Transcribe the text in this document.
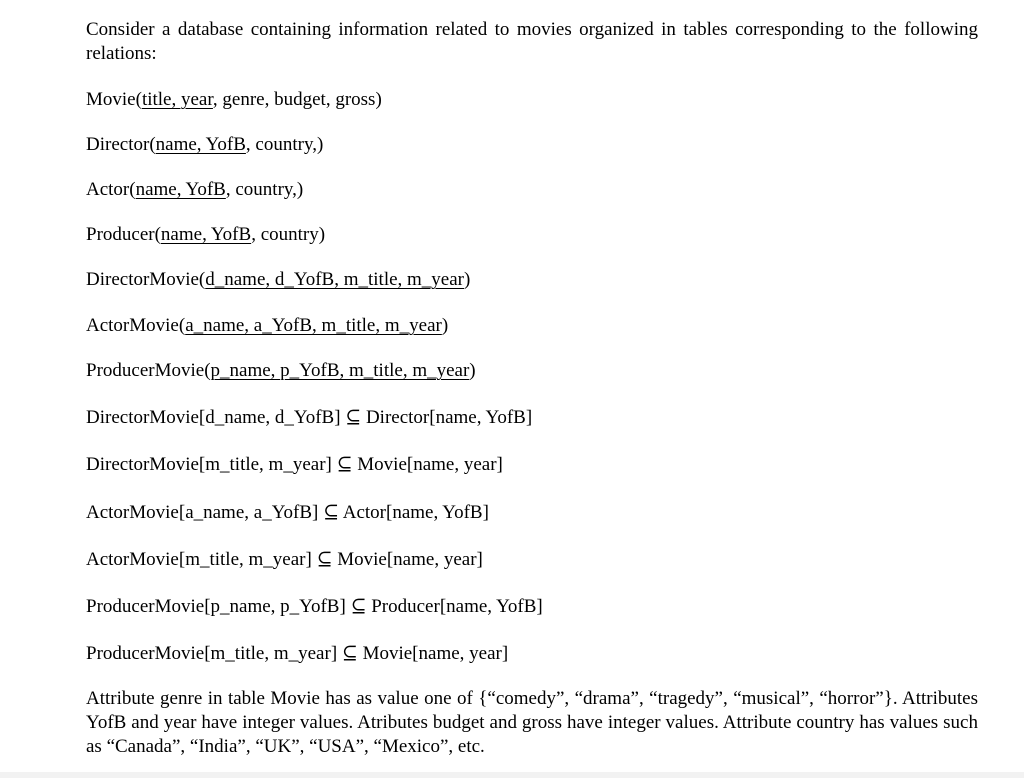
Consider a database containing information related to movies organized in tables corresponding to the following relations:
Movie(title, year, genre, budget, gross)
Director(name, YofB, country,)
Actor(name, YofB, country,)
Producer(name, YofB, country)
DirectorMovie(d_name, d_YofB, m_title, m_year)
ActorMovie(a_name, a_YofB, m_title, m_year)
ProducerMovie(p_name, p_YofB, m_title, m_year)
DirectorMovie[d_name, d_YofB] ⊆ Director[name, YofB]
DirectorMovie[m_title, m_year] ⊆ Movie[name, year]
ActorMovie[a_name, a_YofB] ⊆ Actor[name, YofB]
ActorMovie[m_title, m_year] ⊆ Movie[name, year]
ProducerMovie[p_name, p_YofB] ⊆ Producer[name, YofB]
ProducerMovie[m_title, m_year] ⊆ Movie[name, year]
Attribute genre in table Movie has as value one of {“comedy”, “drama”, “tragedy”, “musical”, “horror”}. Attributes YofB and year have integer values. Atributes budget and gross have integer values. Attribute country has values such as “Canada”, “India”, “UK”, “USA”, “Mexico”, etc.
